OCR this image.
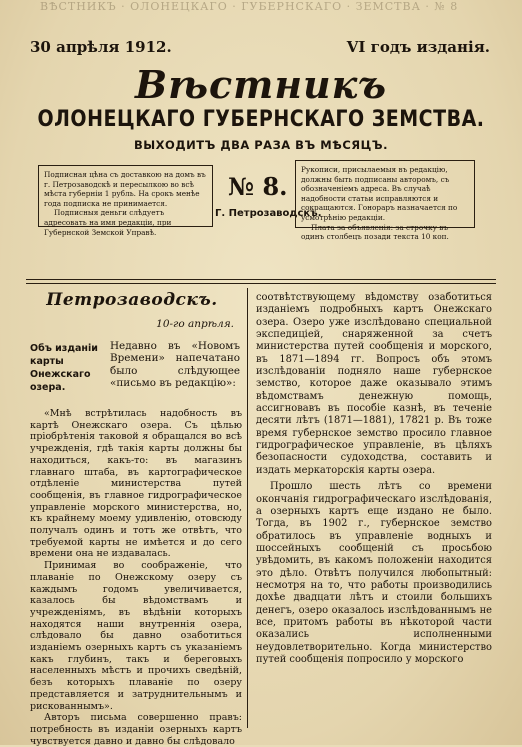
ВѢСТНИКЪ · ОЛОНЕЦКАГО · ГУБЕРНСКАГО · ЗЕМСТВА · № 8
30 апрѣля 1912.	VI годъ изданія.
Вѣстникъ
ОЛОНЕЦКАГО ГУБЕРНСКАГО ЗЕМСТВА.
ВЫХОДИТЪ ДВА РАЗА ВЪ МѢСЯЦЪ.

Подписная цѣна съ доставкою на домъ въ г. Петрозаводскѣ и пересылкою во всѣ мѣста губерніи 1 рубль. На срокъ менѣе года подписка не принимается.

Подписныя деньги слѣдуетъ адресовать на имя редакціи, при Губернской Земской Управѣ.

№ 8.
Г. Петрозаводскъ.

Рукописи, присылаемыя въ редакцію, должны быть подписаны авторомъ, съ обозначеніемъ адреса. Въ случаѣ надобности статьи исправляются и сокращаются. Гонораръ назначается по усмотрѣнію редакціи.

Плата за объявленія: за строчку въ одинъ столбецъ позади текста 10 коп.

Петрозаводскъ.
10-го апрѣля.
Объ изданіи карты Онежскаго озера.
Недавно въ «Новомъ Времени» напечатано было слѣдующее «письмо въ редакцію»:

«Мнѣ встрѣтилась надобность въ картѣ Онежскаго озера. Съ цѣлью пріобрѣтенія таковой я обращался во всѣ учрежденія, гдѣ такія карты должны бы находиться, какъ-то: въ магазинъ главнаго штаба, въ картографическое отдѣленіе министерства путей сообщенія, въ главное гидрографическое управленіе морского министерства, но, къ крайнему моему удивленію, отовсюду получалъ одинъ и тотъ же отвѣтъ, что требуемой карты не имѣется и до сего времени она не издавалась.

Принимая во соображеніе, что плаваніе по Онежскому озеру съ каждымъ годомъ увеличивается, казалось бы вѣдомствамъ и учрежденіямъ, въ вѣдѣніи которыхъ находятся наши внутреннія озера, слѣдовало бы давно озаботиться изданіемъ озерныхъ картъ съ указаніемъ какъ глубинъ, такъ и береговыхъ населенныхъ мѣстъ и прочихъ сведѣній, безъ которыхъ плаваніе по озеру представляется и затруднительнымъ и рискованнымъ».

Авторъ письма совершенно правъ: потребность въ изданіи озерныхъ картъ чувствуется давно и давно бы слѣдовало

соотвѣтствующему вѣдомству озаботиться изданіемъ подробныхъ картъ Онежскаго озера. Озеро уже изслѣдовано специальной экспедиціей, снаряженной за счетъ министерства путей сообщенія и морского, въ 1871—1894 гг. Вопросъ объ этомъ изслѣдованіи подняло наше губернское земство, которое даже оказывало этимъ вѣдомствамъ денежную помощь, ассигновавъ въ пособіе казнѣ, въ теченіе десяти лѣтъ (1871—1881), 17821 р. Въ тоже время губернское земство просило главное гидрографическое управленіе, въ цѣляхъ безопасности судоходства, составить и издать меркаторскія карты озера.

Прошло шесть лѣтъ со времени окончанія гидрографическаго изслѣдованія, а озерныхъ картъ еще издано не было. Тогда, въ 1902 г., губернское земство обратилось въ управленіе водныхъ и шоссейныхъ сообщеній съ просьбою увѣдомить, въ какомъ положеніи находится это дѣло. Отвѣтъ получился любопытный: несмотря на то, что работы производились дохѣе двадцати лѣтъ и стоили большихъ денегъ, озеро оказалось изслѣдованнымъ не все, притомъ работы въ нѣкоторой части оказались исполненными неудовлетворительно. Когда министерство путей сообщенія попросило у морского
